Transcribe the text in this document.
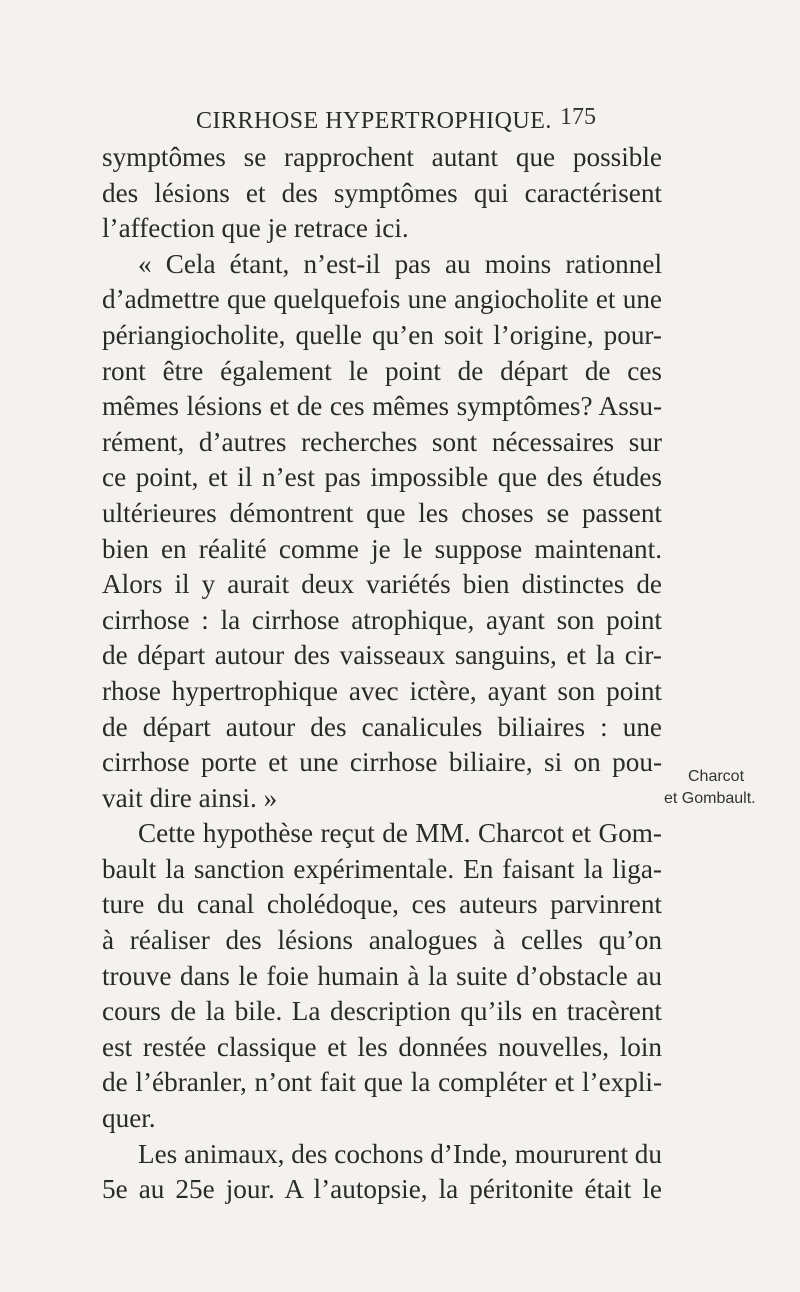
CIRRHOSE HYPERTROPHIQUE. 175
symptômes se rapprochent autant que possible
des lésions et des symptômes qui caractérisent
l’affection que je retrace ici.
« Cela étant, n’est-il pas au moins rationnel
d’admettre que quelquefois une angiocholite et une
périangiocholite, quelle qu’en soit l’origine, pour-
ront être également le point de départ de ces
mêmes lésions et de ces mêmes symptômes? Assu-
rément, d’autres recherches sont nécessaires sur
ce point, et il n’est pas impossible que des études
ultérieures démontrent que les choses se passent
bien en réalité comme je le suppose maintenant.
Alors il y aurait deux variétés bien distinctes de
cirrhose : la cirrhose atrophique, ayant son point
de départ autour des vaisseaux sanguins, et la cir-
rhose hypertrophique avec ictère, ayant son point
de départ autour des canalicules biliaires : une
cirrhose porte et une cirrhose biliaire, si on pou-
vait dire ainsi. »
Cette hypothèse reçut de MM. Charcot et Gom-
bault la sanction expérimentale. En faisant la liga-
ture du canal cholédoque, ces auteurs parvinrent
à réaliser des lésions analogues à celles qu’on
trouve dans le foie humain à la suite d’obstacle au
cours de la bile. La description qu’ils en tracèrent
est restée classique et les données nouvelles, loin
de l’ébranler, n’ont fait que la compléter et l’expli-
quer.
Les animaux, des cochons d’Inde, moururent du
5e au 25e jour. A l’autopsie, la péritonite était le
Charcot
et Gombault.
